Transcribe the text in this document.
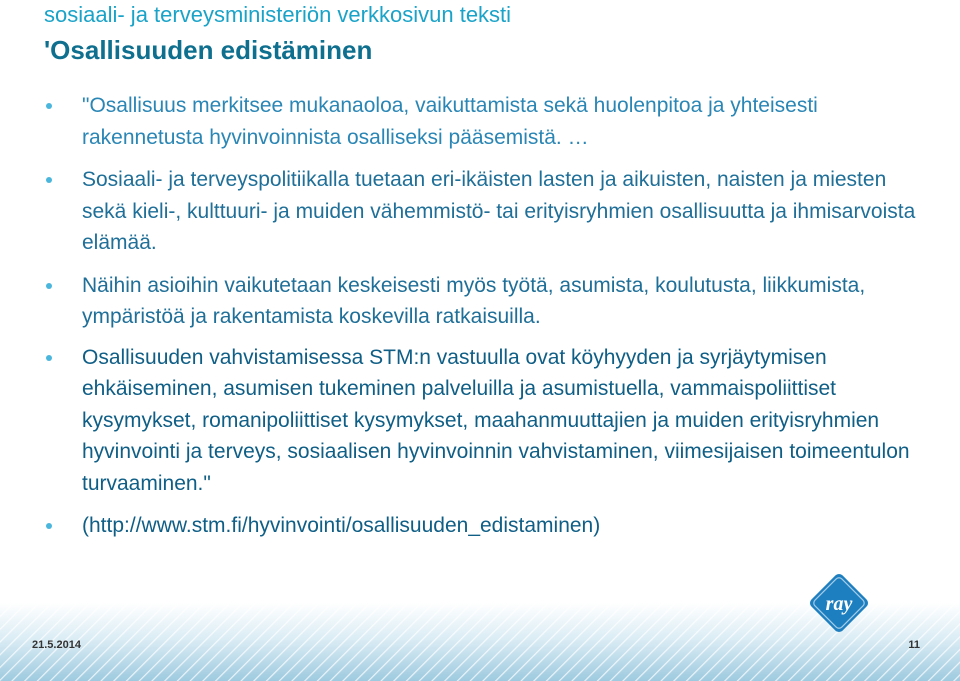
sosiaali- ja terveysministeriön verkkosivun teksti
'Osallisuuden edistäminen
"Osallisuus merkitsee mukanaoloa, vaikuttamista sekä huolenpitoa ja yhteisesti rakennetusta hyvinvoinnista osalliseksi pääsemistä. …
Sosiaali- ja terveyspolitiikalla tuetaan eri-ikäisten lasten ja aikuisten, naisten ja miesten sekä kieli-, kulttuuri- ja muiden vähemmistö- tai erityisryhmien osallisuutta ja ihmisarvoista elämää.
Näihin asioihin vaikutetaan keskeisesti myös työtä, asumista, koulutusta, liikkumista, ympäristöä ja rakentamista koskevilla ratkaisuilla.
Osallisuuden vahvistamisessa STM:n vastuulla ovat köyhyyden ja syrjäytymisen ehkäiseminen, asumisen tukeminen palveluilla ja asumistuella, vammaispoliittiset kysymykset, romanipoliittiset kysymykset, maahanmuuttajien ja muiden erityisryhmien hyvinvointi ja terveys, sosiaalisen hyvinvoinnin vahvistaminen, viimesijaisen toimeentulon turvaaminen."
(http://www.stm.fi/hyvinvointi/osallisuuden_edistaminen)
ray
21.5.2014	11
